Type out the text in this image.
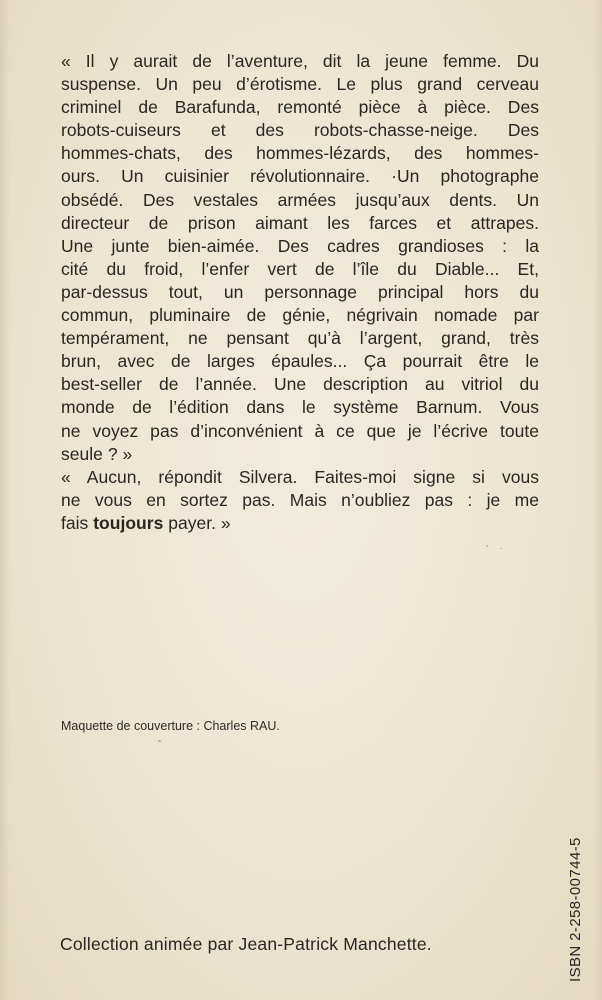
« Il y aurait de l’aventure, dit la jeune femme. Du
suspense. Un peu d’érotisme. Le plus grand cerveau
criminel de Barafunda, remonté pièce à pièce. Des
robots-cuiseurs et des robots-chasse-neige. Des
hommes-chats, des hommes-lézards, des hommes-
ours. Un cuisinier révolutionnaire. ·Un photographe
obsédé. Des vestales armées jusqu’aux dents. Un
directeur de prison aimant les farces et attrapes.
Une junte bien-aimée. Des cadres grandioses : la
cité du froid, l’enfer vert de l’île du Diable... Et,
par-dessus tout, un personnage principal hors du
commun, pluminaire de génie, négrivain nomade par
tempérament, ne pensant qu’à l’argent, grand, très
brun, avec de larges épaules... Ça pourrait être le
best-seller de l’année. Une description au vitriol du
monde de l’édition dans le système Barnum. Vous
ne voyez pas d’inconvénient à ce que je l’écrive toute
seule ? »

« Aucun, répondit Silvera. Faites-moi signe si vous
ne vous en sortez pas. Mais n’oubliez pas : je me
fais toujours payer. »

Maquette de couverture : Charles RAU.
ISBN 2-258-00744-5
Collection animée par Jean-Patrick Manchette.
